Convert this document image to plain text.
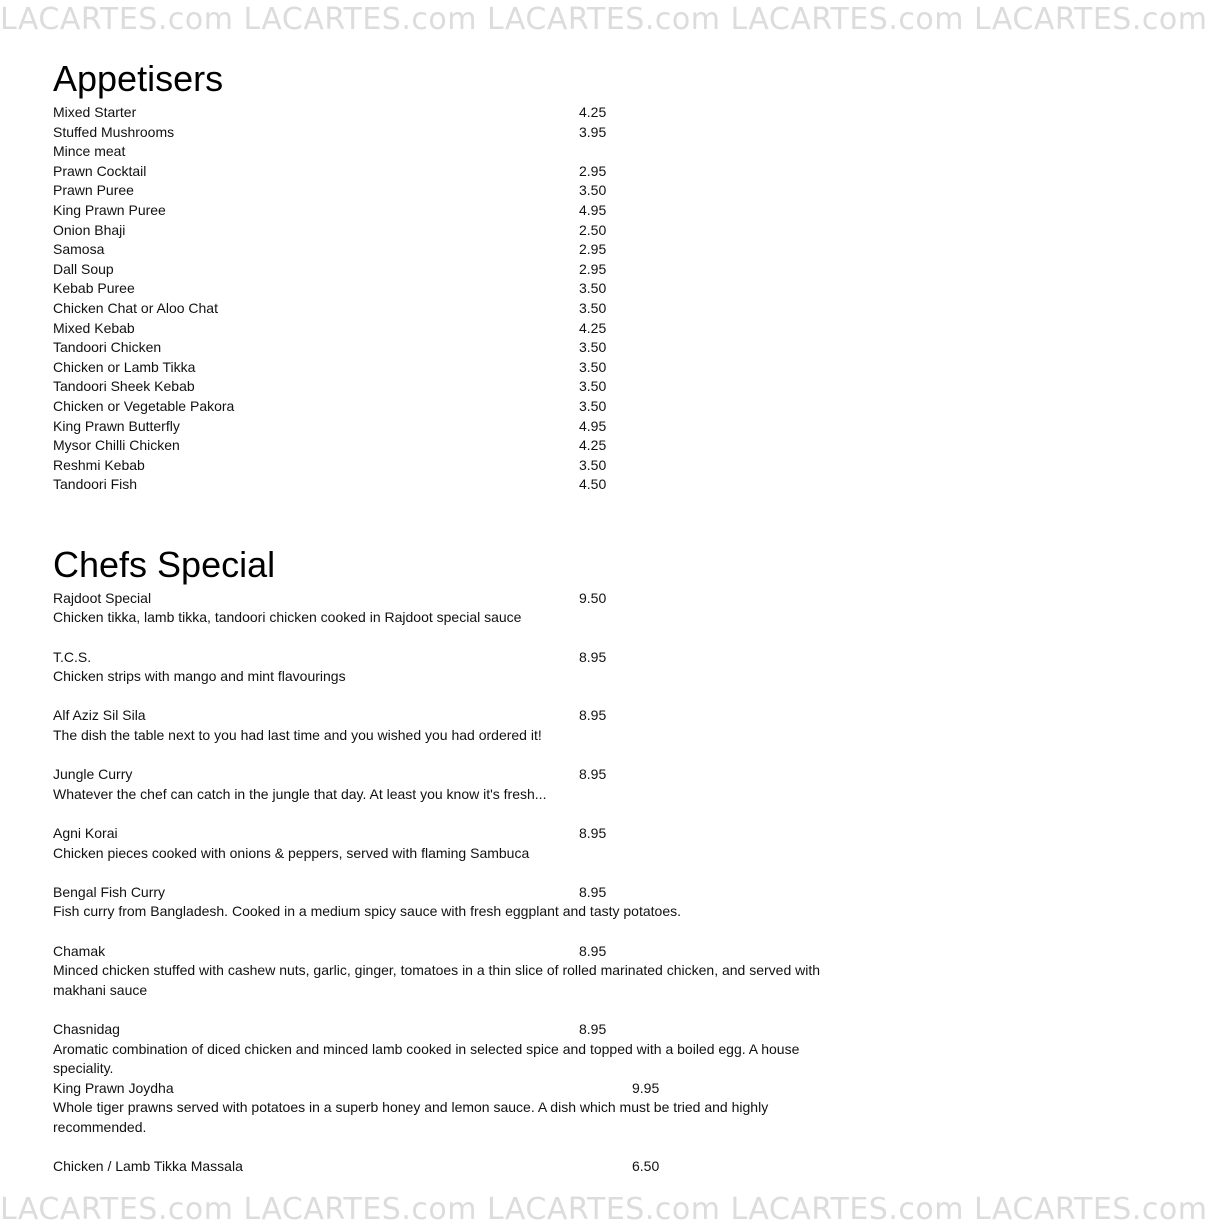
LACARTES.com LACARTES.com LACARTES.com LACARTES.com LACARTES.com
Appetisers
Mixed Starter	4.25
Stuffed Mushrooms	3.95
Mince meat
Prawn Cocktail	2.95
Prawn Puree	3.50
King Prawn Puree	4.95
Onion Bhaji	2.50
Samosa	2.95
Dall Soup	2.95
Kebab Puree	3.50
Chicken Chat or Aloo Chat	3.50
Mixed Kebab	4.25
Tandoori Chicken	3.50
Chicken or Lamb Tikka	3.50
Tandoori Sheek Kebab	3.50
Chicken or Vegetable Pakora	3.50
King Prawn Butterfly	4.95
Mysor Chilli Chicken	4.25
Reshmi Kebab	3.50
Tandoori Fish	4.50
Chefs Special
Rajdoot Special	9.50
Chicken tikka, lamb tikka, tandoori chicken cooked in Rajdoot special sauce
T.C.S.	8.95
Chicken strips with mango and mint flavourings
Alf Aziz Sil Sila	8.95
The dish the table next to you had last time and you wished you had ordered it!
Jungle Curry	8.95
Whatever the chef can catch in the jungle that day. At least you know it's fresh...
Agni Korai	8.95
Chicken pieces cooked with onions & peppers, served with flaming Sambuca
Bengal Fish Curry	8.95
Fish curry from Bangladesh. Cooked in a medium spicy sauce with fresh eggplant and tasty potatoes.
Chamak	8.95
Minced chicken stuffed with cashew nuts, garlic, ginger, tomatoes in a thin slice of rolled marinated chicken, and served with makhani sauce
Chasnidag	8.95
Aromatic combination of diced chicken and minced lamb cooked in selected spice and topped with a boiled egg. A house speciality.
King Prawn Joydha	9.95
Whole tiger prawns served with potatoes in a superb honey and lemon sauce. A dish which must be tried and highly recommended.
Chicken / Lamb Tikka Massala	6.50
LACARTES.com LACARTES.com LACARTES.com LACARTES.com LACARTES.com
